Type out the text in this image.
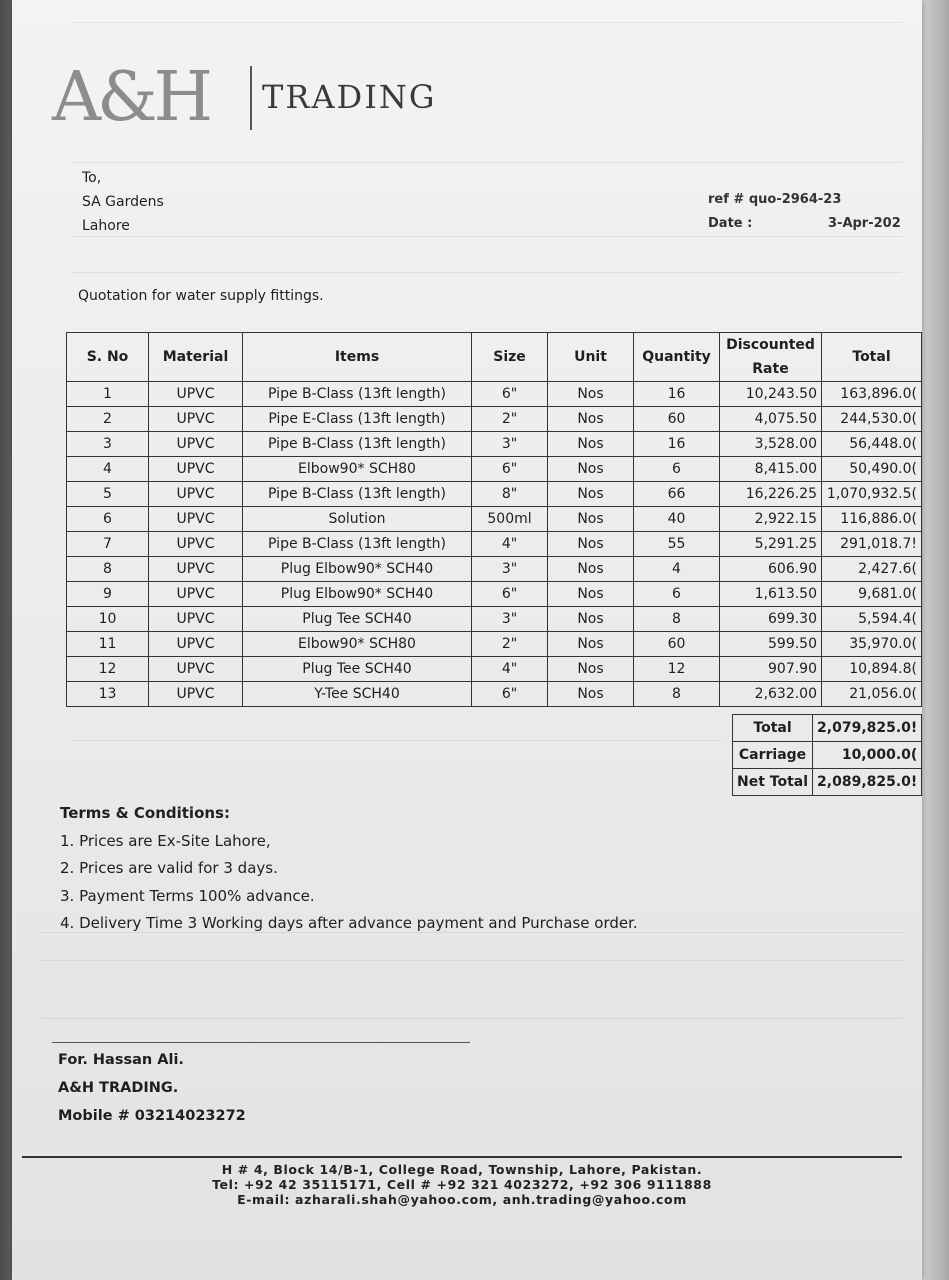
A&H TRADING
To,
SA Gardens
Lahore
ref # quo-2964-23
Date :	3-Apr-202
Quotation for water supply fittings.
S. No	Material	Items	Size	Unit	Quantity	Discounted Rate	Total
1	UPVC	Pipe B-Class (13ft length)	6"	Nos	16	10,243.50	163,896.0(
2	UPVC	Pipe E-Class (13ft length)	2"	Nos	60	4,075.50	244,530.0(
3	UPVC	Pipe B-Class (13ft length)	3"	Nos	16	3,528.00	56,448.0(
4	UPVC	Elbow90* SCH80	6"	Nos	6	8,415.00	50,490.0(
5	UPVC	Pipe B-Class (13ft length)	8"	Nos	66	16,226.25	1,070,932.5(
6	UPVC	Solution	500ml	Nos	40	2,922.15	116,886.0(
7	UPVC	Pipe B-Class (13ft length)	4"	Nos	55	5,291.25	291,018.7!
8	UPVC	Plug Elbow90* SCH40	3"	Nos	4	606.90	2,427.6(
9	UPVC	Plug Elbow90* SCH40	6"	Nos	6	1,613.50	9,681.0(
10	UPVC	Plug Tee SCH40	3"	Nos	8	699.30	5,594.4(
11	UPVC	Elbow90* SCH80	2"	Nos	60	599.50	35,970.0(
12	UPVC	Plug Tee SCH40	4"	Nos	12	907.90	10,894.8(
13	UPVC	Y-Tee SCH40	6"	Nos	8	2,632.00	21,056.0(
Total	2,079,825.0!
Carriage	10,000.0(
Net Total	2,089,825.0!
Terms & Conditions:
1. Prices are Ex-Site Lahore,
2. Prices are valid for 3 days.
3. Payment Terms 100% advance.
4. Delivery Time 3 Working days after advance payment and Purchase order.
For. Hassan Ali.
A&H TRADING.
Mobile # 03214023272
H # 4, Block 14/B-1, College Road, Township, Lahore, Pakistan.
Tel: +92 42 35115171, Cell # +92 321 4023272, +92 306 9111888
E-mail: azharali.shah@yahoo.com, anh.trading@yahoo.com
